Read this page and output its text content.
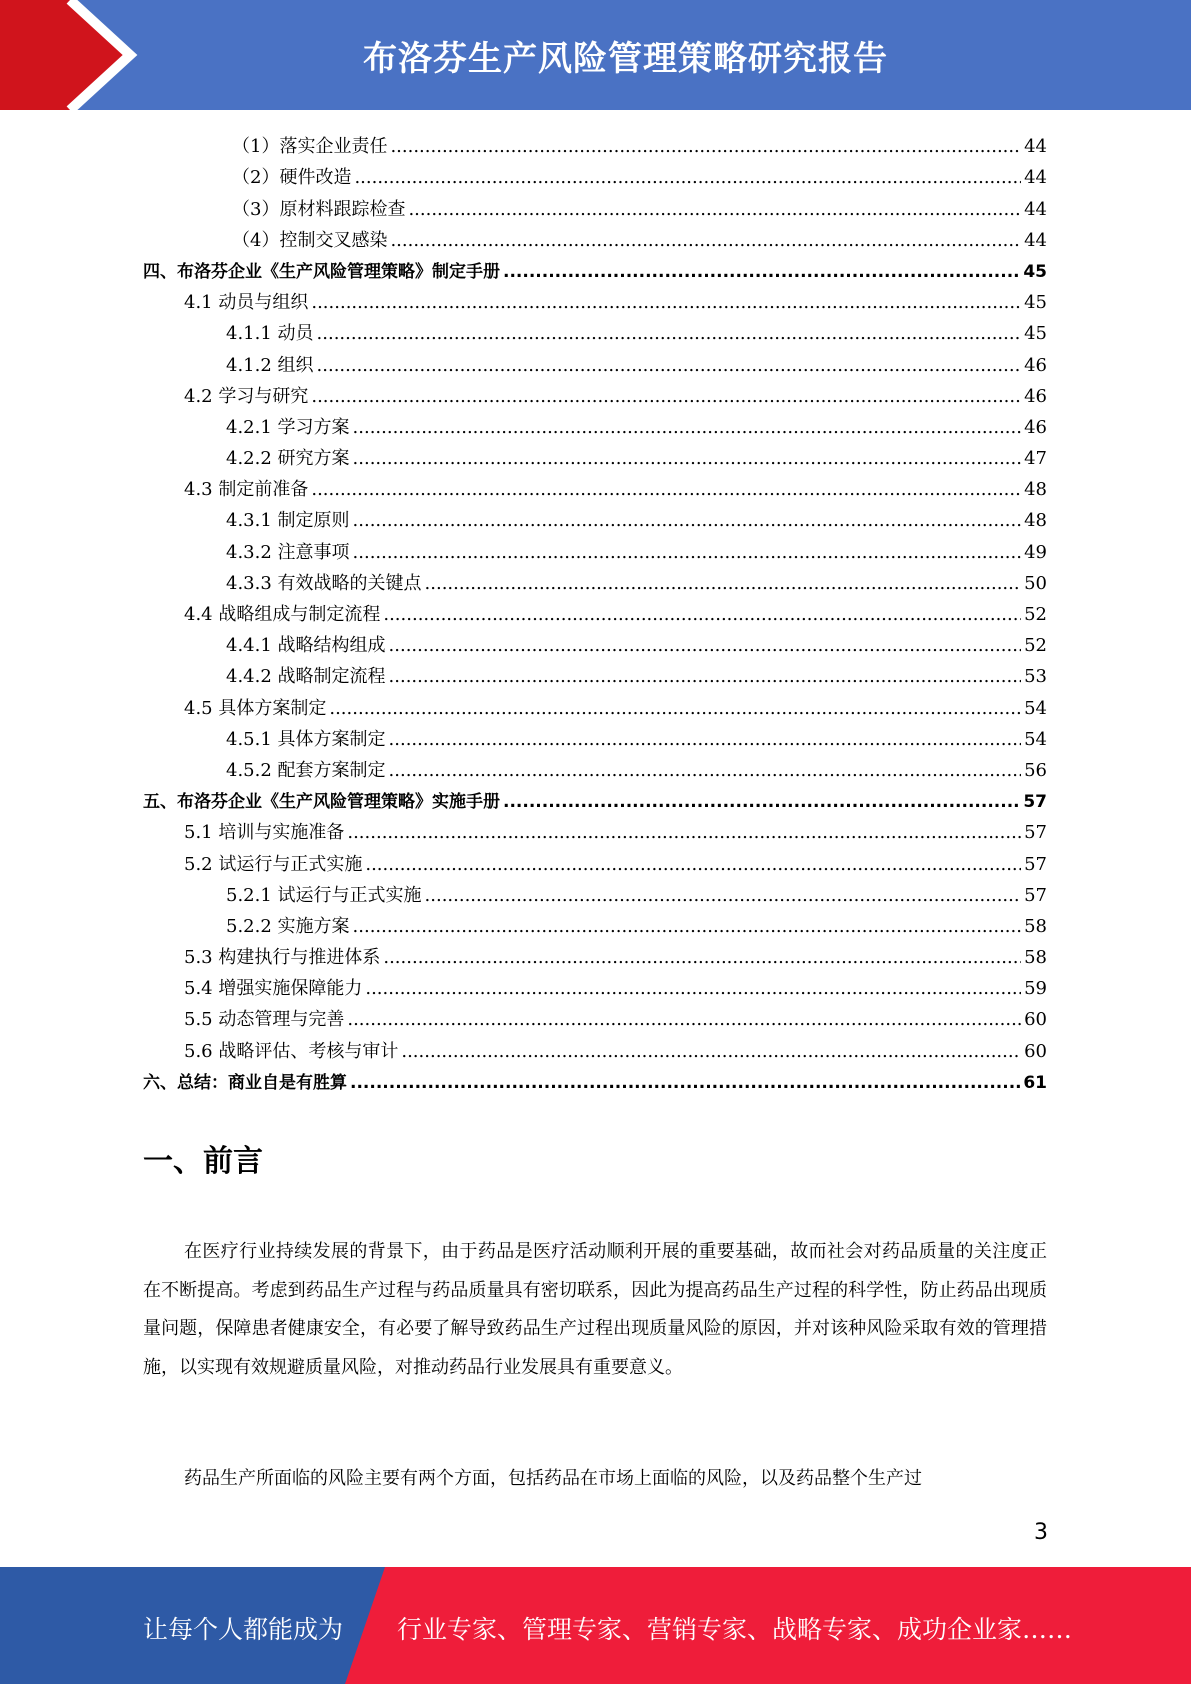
布洛芬生产风险管理策略研究报告
（1）落实企业责任 .....	44
（2）硬件改造 .....	44
（3）原材料跟踪检查 .....	44
（4）控制交叉感染 .....	44
四、布洛芬企业《生产风险管理策略》制定手册 .....	45
4.1 动员与组织 .....	45
4.1.1 动员 .....	45
4.1.2 组织 .....	46
4.2 学习与研究 .....	46
4.2.1 学习方案 .....	46
4.2.2 研究方案 .....	47
4.3 制定前准备 .....	48
4.3.1 制定原则 .....	48
4.3.2 注意事项 .....	49
4.3.3 有效战略的关键点 .....	50
4.4 战略组成与制定流程 .....	52
4.4.1 战略结构组成 .....	52
4.4.2 战略制定流程 .....	53
4.5 具体方案制定 .....	54
4.5.1 具体方案制定 .....	54
4.5.2 配套方案制定 .....	56
五、布洛芬企业《生产风险管理策略》实施手册 .....	57
5.1 培训与实施准备 .....	57
5.2 试运行与正式实施 .....	57
5.2.1 试运行与正式实施 .....	57
5.2.2 实施方案 .....	58
5.3 构建执行与推进体系 .....	58
5.4 增强实施保障能力 .....	59
5.5 动态管理与完善 .....	60
5.6 战略评估、考核与审计 .....	60
六、总结：商业自是有胜算 .....	61
一、前言

在医疗行业持续发展的背景下，由于药品是医疗活动顺利开展的重要基础，故而社会对药品质量的关注度正在不断提高。考虑到药品生产过程与药品质量具有密切联系，因此为提高药品生产过程的科学性，防止药品出现质量问题，保障患者健康安全，有必要了解导致药品生产过程出现质量风险的原因，并对该种风险采取有效的管理措施，以实现有效规避质量风险，对推动药品行业发展具有重要意义。

药品生产所面临的风险主要有两个方面，包括药品在市场上面临的风险，以及药品整个生产过

3
让每个人都能成为 行业专家、管理专家、营销专家、战略专家、成功企业家……
